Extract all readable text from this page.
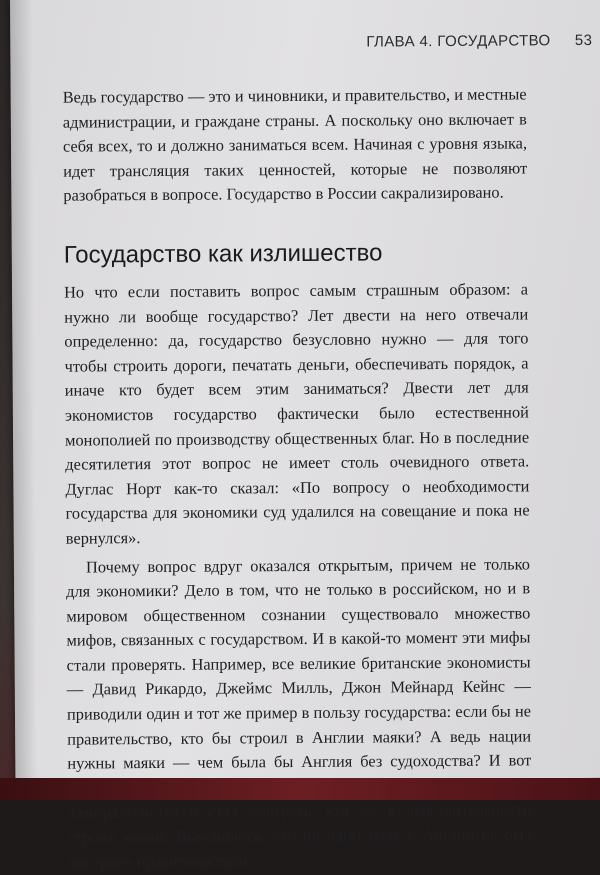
ГЛАВА 4. ГОСУДАРСТВО 53

Ведь государство — это и чиновники, и правительство, и местные администрации, и граждане страны. А поскольку оно включает в себя всех, то и должно заниматься всем. Начиная с уровня языка, идет трансляция таких ценностей, которые не позволяют разобраться в вопросе. Государство в России сакрализировано.

Государство как излишество

Но что если поставить вопрос самым страшным образом: а нужно ли вообще государство? Лет двести на него отвечали определенно: да, государство безусловно нужно — для того чтобы строить дороги, печатать деньги, обеспечивать порядок, а иначе кто будет всем этим заниматься? Двести лет для экономистов государство фактически было естественной монополией по производству общественных благ. Но в последние десятилетия этот вопрос не имеет столь очевидного ответа. Дуглас Норт как-то сказал: «По вопросу о необходимости государства для экономики суд удалился на совещание и пока не вернулся».

Почему вопрос вдруг оказался открытым, причем не только для экономики? Дело в том, что не только в российском, но и в мировом общественном сознании существовало множество мифов, связанных с государством. И в какой-то момент эти мифы стали проверять. Например, все великие британские экономисты — Давид Рикардо, Джеймс Милль, Джон Мейнард Кейнс — приводили один и тот же пример в пользу государства: если бы не правительство, кто бы строил в Англии маяки? А ведь нации нужны маяки — чем была бы Англия без судоходства? И вот адмиралтейства и стал смотреть, кто же в действительности строил маяки. Выяснилось, что ни один маяк в Англии не был построен правительством.
